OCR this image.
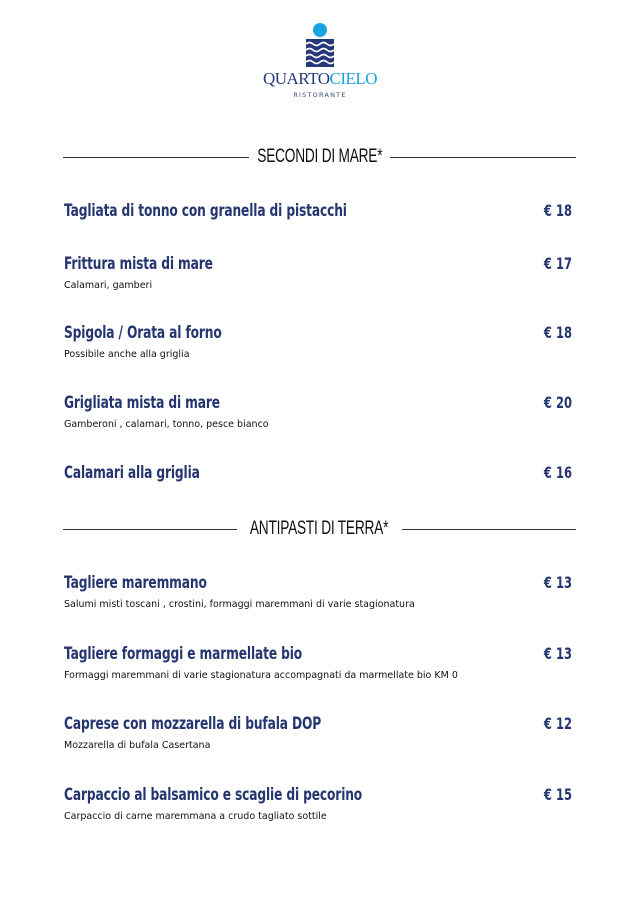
QUARTOCIELO
RISTORANTE
SECONDI DI MARE*
Tagliata di tonno con granella di pistacchi	€ 18
Frittura mista di mare	€ 17
Calamari, gamberi
Spigola / Orata al forno	€ 18
Possibile anche alla griglia
Grigliata mista di mare	€ 20
Gamberoni , calamari, tonno, pesce bianco
Calamari alla griglia	€ 16
ANTIPASTI DI TERRA*
Tagliere maremmano	€ 13
Salumi misti toscani , crostini, formaggi maremmani di varie stagionatura
Tagliere formaggi e marmellate bio	€ 13
Formaggi maremmani di varie stagionatura accompagnati da marmellate bio KM 0
Caprese con mozzarella di bufala DOP	€ 12
Mozzarella di bufala Casertana
Carpaccio al balsamico e scaglie di pecorino	€ 15
Carpaccio di carne maremmana a crudo tagliato sottile
